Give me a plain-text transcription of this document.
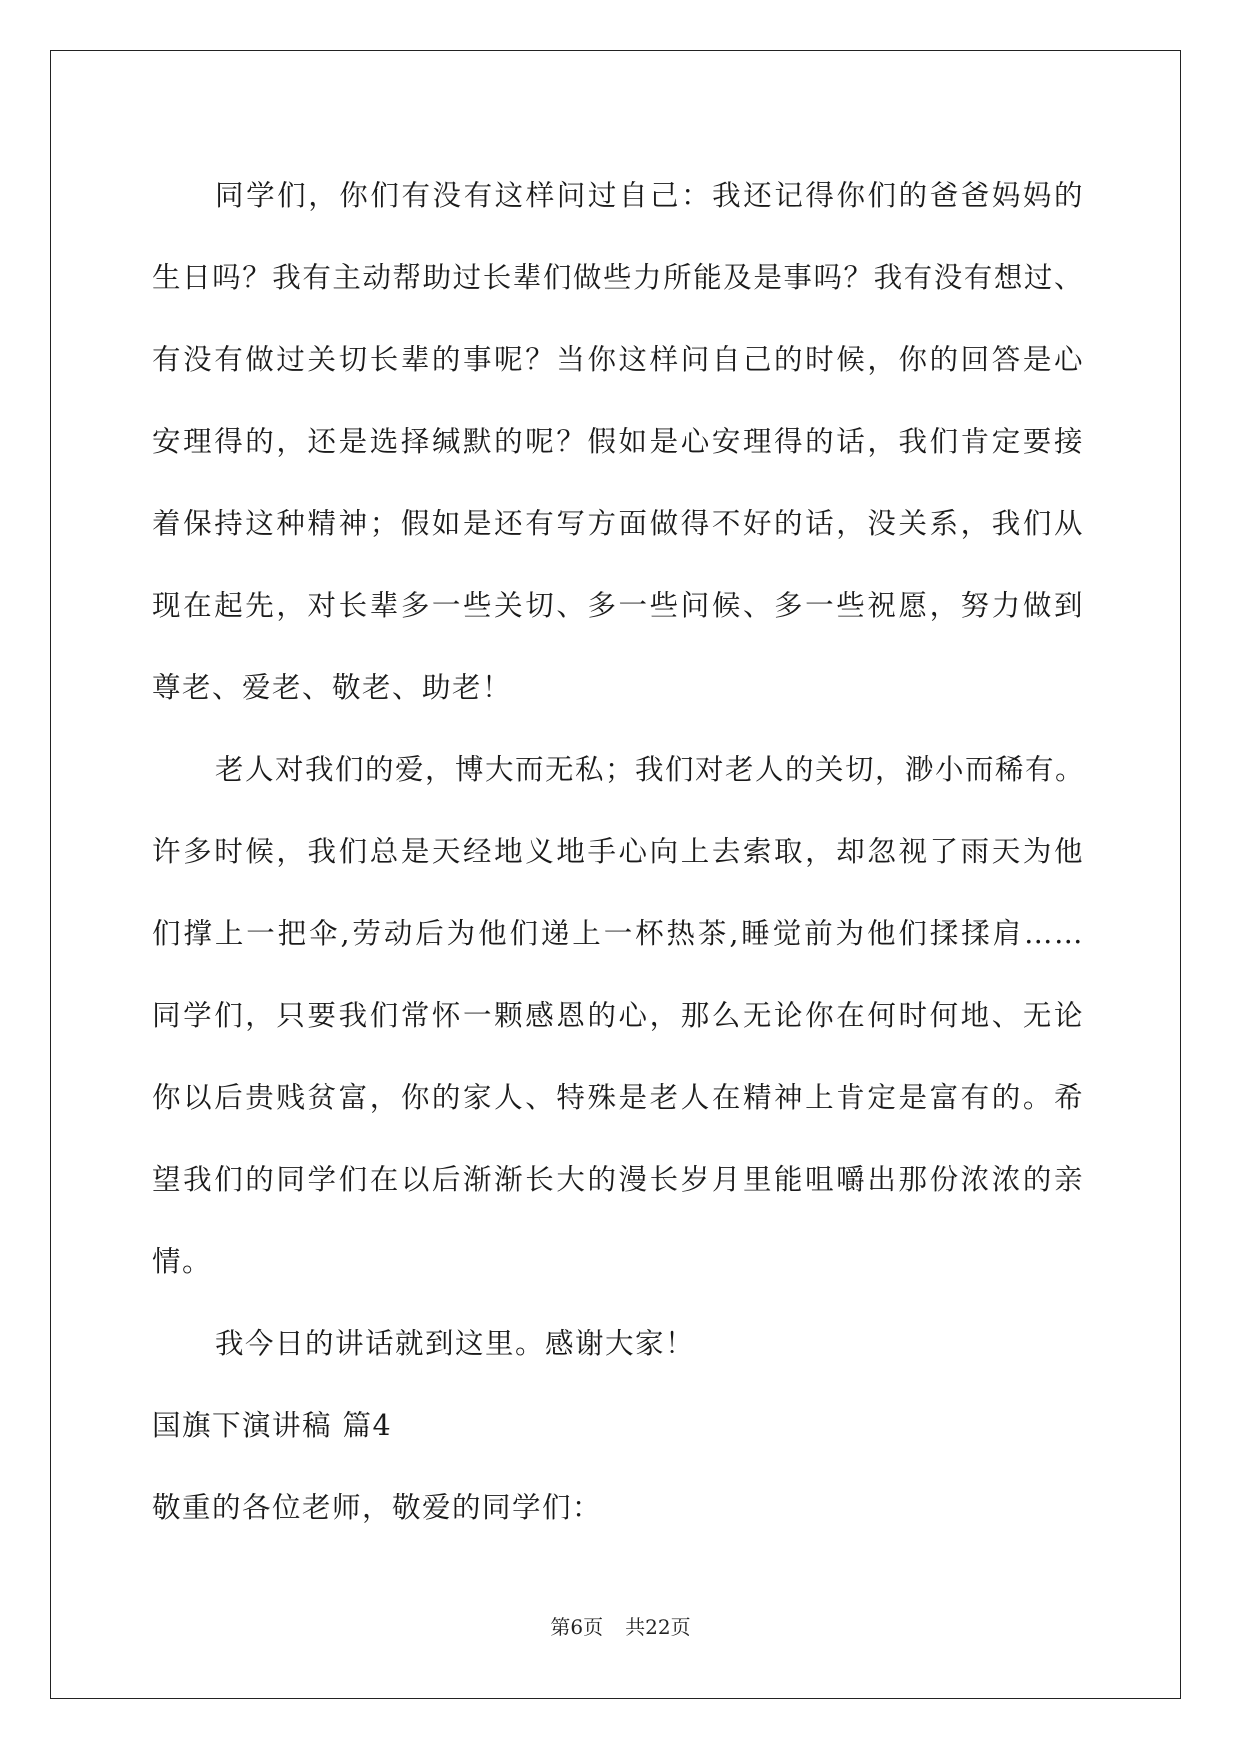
同学们，你们有没有这样问过自己：我还记得你们的爸爸妈妈的
生日吗？我有主动帮助过长辈们做些力所能及是事吗？我有没有想过、
有没有做过关切长辈的事呢？当你这样问自己的时候，你的回答是心
安理得的，还是选择缄默的呢？假如是心安理得的话，我们肯定要接
着保持这种精神；假如是还有写方面做得不好的话，没关系，我们从
现在起先，对长辈多一些关切、多一些问候、多一些祝愿，努力做到
尊老、爱老、敬老、助老！
老人对我们的爱，博大而无私；我们对老人的关切，渺小而稀有。
许多时候，我们总是天经地义地手心向上去索取，却忽视了雨天为他
们撑上一把伞,劳动后为他们递上一杯热茶,睡觉前为他们揉揉肩……
同学们，只要我们常怀一颗感恩的心，那么无论你在何时何地、无论
你以后贵贱贫富，你的家人、特殊是老人在精神上肯定是富有的。希
望我们的同学们在以后渐渐长大的漫长岁月里能咀嚼出那份浓浓的亲
情。
我今日的讲话就到这里。感谢大家！
国旗下演讲稿 篇4
敬重的各位老师，敬爱的同学们：
第6页 共22页
